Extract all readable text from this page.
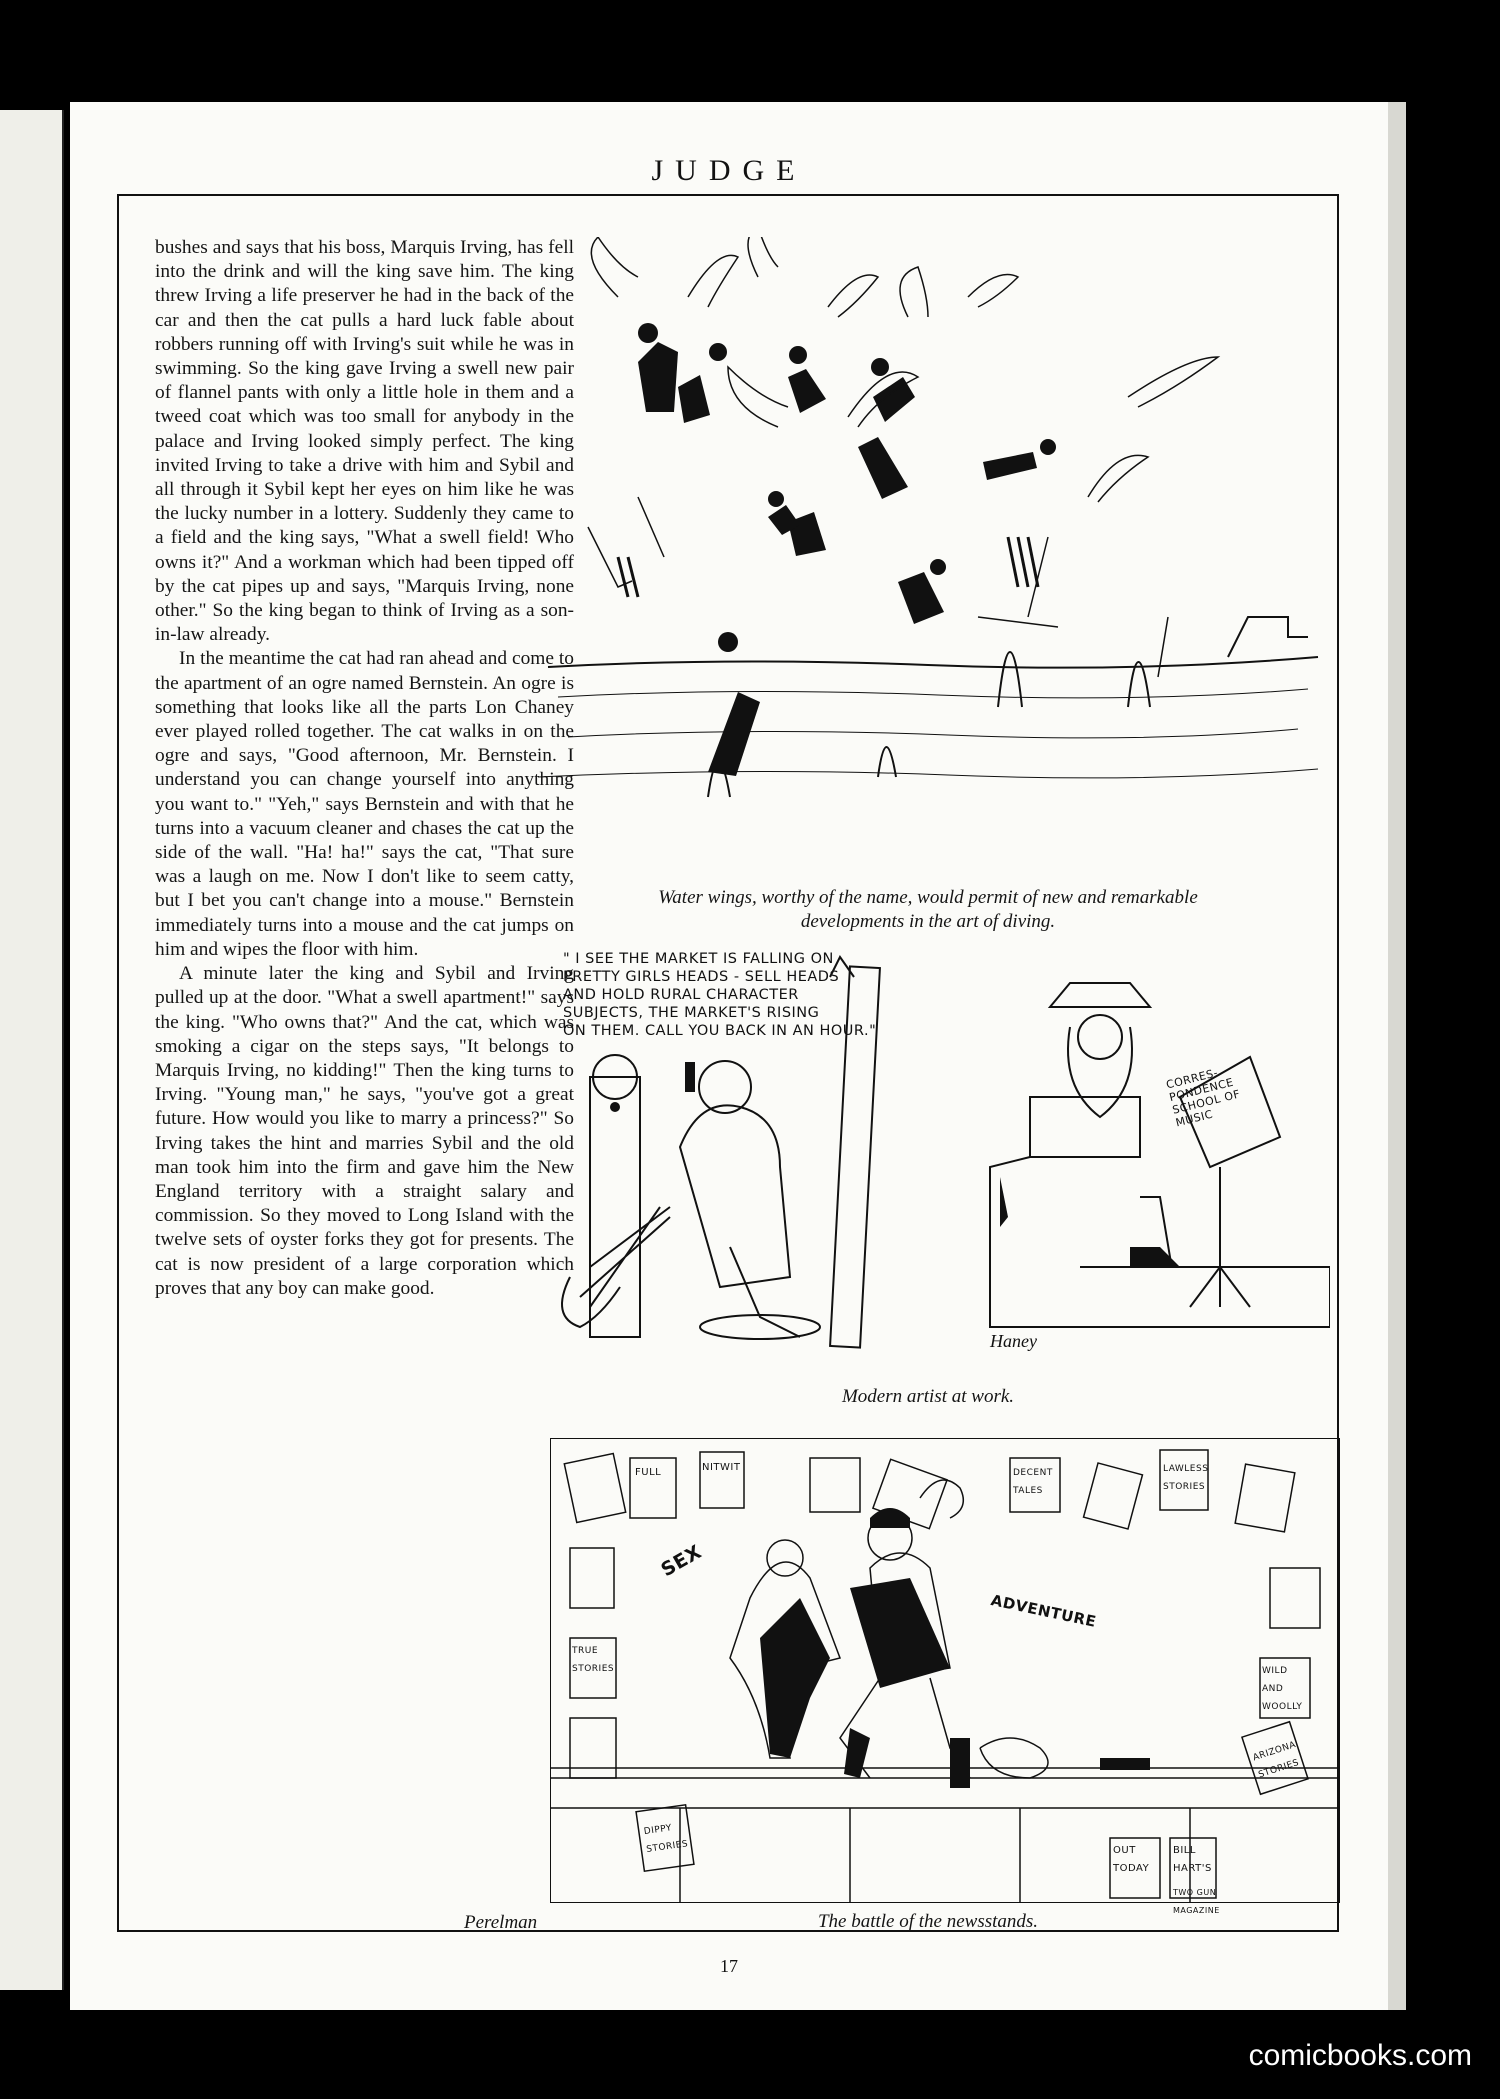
JUDGE

bushes and says that his boss, Marquis Irving, has fell into the drink and will the king save him. The king threw Irving a life preserver he had in the back of the car and then the cat pulls a hard luck fable about robbers running off with Irving's suit while he was in swimming. So the king gave Irving a swell new pair of flannel pants with only a little hole in them and a tweed coat which was too small for anybody in the palace and Irving looked simply perfect. The king invited Irving to take a drive with him and Sybil and all through it Sybil kept her eyes on him like he was the lucky number in a lottery. Suddenly they came to a field and the king says, "What a swell field! Who owns it?" And a workman which had been tipped off by the cat pipes up and says, "Marquis Irving, none other." So the king began to think of Irving as a son-in-law already.

In the meantime the cat had ran ahead and come to the apartment of an ogre named Bernstein. An ogre is something that looks like all the parts Lon Chaney ever played rolled together. The cat walks in on the ogre and says, "Good afternoon, Mr. Bernstein. I understand you can change yourself into anything you want to." "Yeh," says Bernstein and with that he turns into a vacuum cleaner and chases the cat up the side of the wall. "Ha! ha!" says the cat, "That sure was a laugh on me. Now I don't like to seem catty, but I bet you can't change into a mouse." Bernstein immediately turns into a mouse and the cat jumps on him and wipes the floor with him.

A minute later the king and Sybil and Irving pulled up at the door. "What a swell apartment!" says the king. "Who owns that?" And the cat, which was smoking a cigar on the steps says, "It belongs to Marquis Irving, no kidding!" Then the king turns to Irving. "Young man," he says, "you've got a great future. How would you like to marry a princess?" So Irving takes the hint and marries Sybil and the old man took him into the firm and gave him the New England territory with a straight salary and commission. So they moved to Long Island with the twelve sets of oyster forks they got for presents. The cat is now president of a large corporation which proves that any boy can make good.

Perelman
Water wings, worthy of the name, would permit of new and remarkable
developments in the art of diving.
Haney
" I SEE THE MARKET IS FALLING ON
PRETTY GIRLS HEADS - SELL HEADS
AND HOLD RURAL CHARACTER
SUBJECTS, THE MARKET'S RISING
ON THEM. CALL YOU BACK IN AN HOUR."
CORRES-PONDENCE SCHOOL OF MUSIC
Modern artist at work.
SEX
ADVENTURE
FULL	NITWIT	DECENT TALES
LAWLESS STORIES
TRUE STORIES
DIPPY STORIES	OUT TODAY
BILL HART'S
ARIZONA STORIES
TWO GUN MAGAZINE
WILD AND WOOLLY
The battle of the newsstands.
17
comicbooks.com
